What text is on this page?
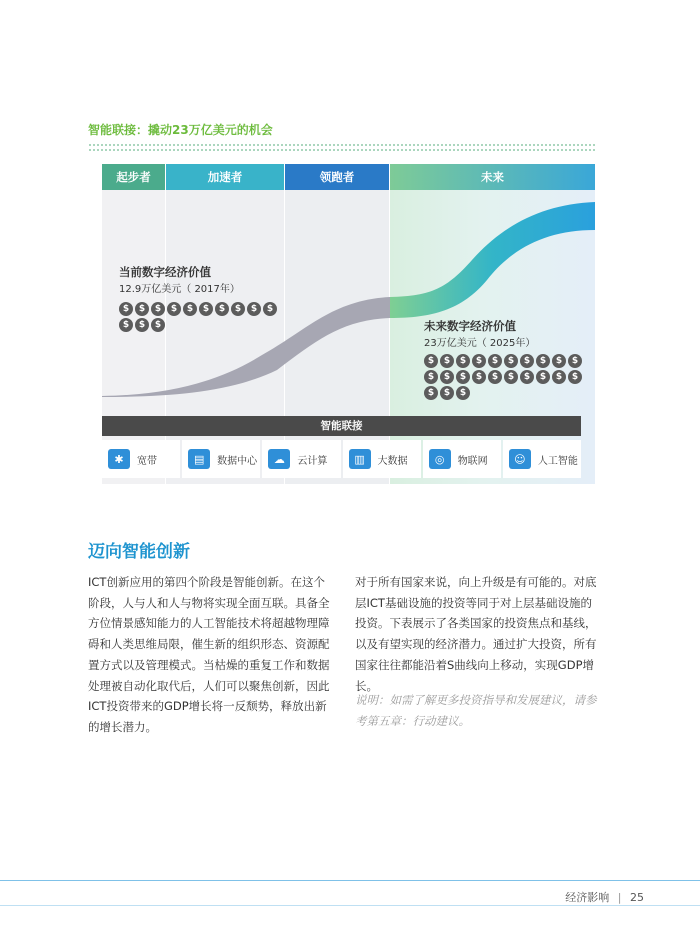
智能联接：撬动23万亿美元的机会
起步者	加速者	领跑者	未来
当前数字经济价值
12.9万亿美元（ 2017年）
$	$	$	$	$	$	$	$	$	$
$	$	$	未来数字经济价值
23万亿美元（ 2025年）
$	$	$	$	$	$	$	$	$	$
$	$	$	$	$	$	$	$	$	$
$	$	$
智能联接
✱	宽带	▤	数据中心	☁	云计算	▥	大数据	◎	物联网	☺	人工智能
迈向智能创新

ICT创新应用的第四个阶段是智能创新。在这个阶段，人与人和人与物将实现全面互联。具备全方位情景感知能力的人工智能技术将超越物理障碍和人类思维局限，催生新的组织形态、资源配置方式以及管理模式。当枯燥的重复工作和数据处理被自动化取代后，人们可以聚焦创新，因此ICT投资带来的GDP增长将一反颓势，释放出新的增长潜力。

对于所有国家来说，向上升级是有可能的。对底层ICT基础设施的投资等同于对上层基础设施的投资。下表展示了各类国家的投资焦点和基线，以及有望实现的经济潜力。通过扩大投资，所有国家往往都能沿着S曲线向上移动，实现GDP增长。

说明：如需了解更多投资指导和发展建议，请参考第五章：行动建议。

经济影响 | 25
